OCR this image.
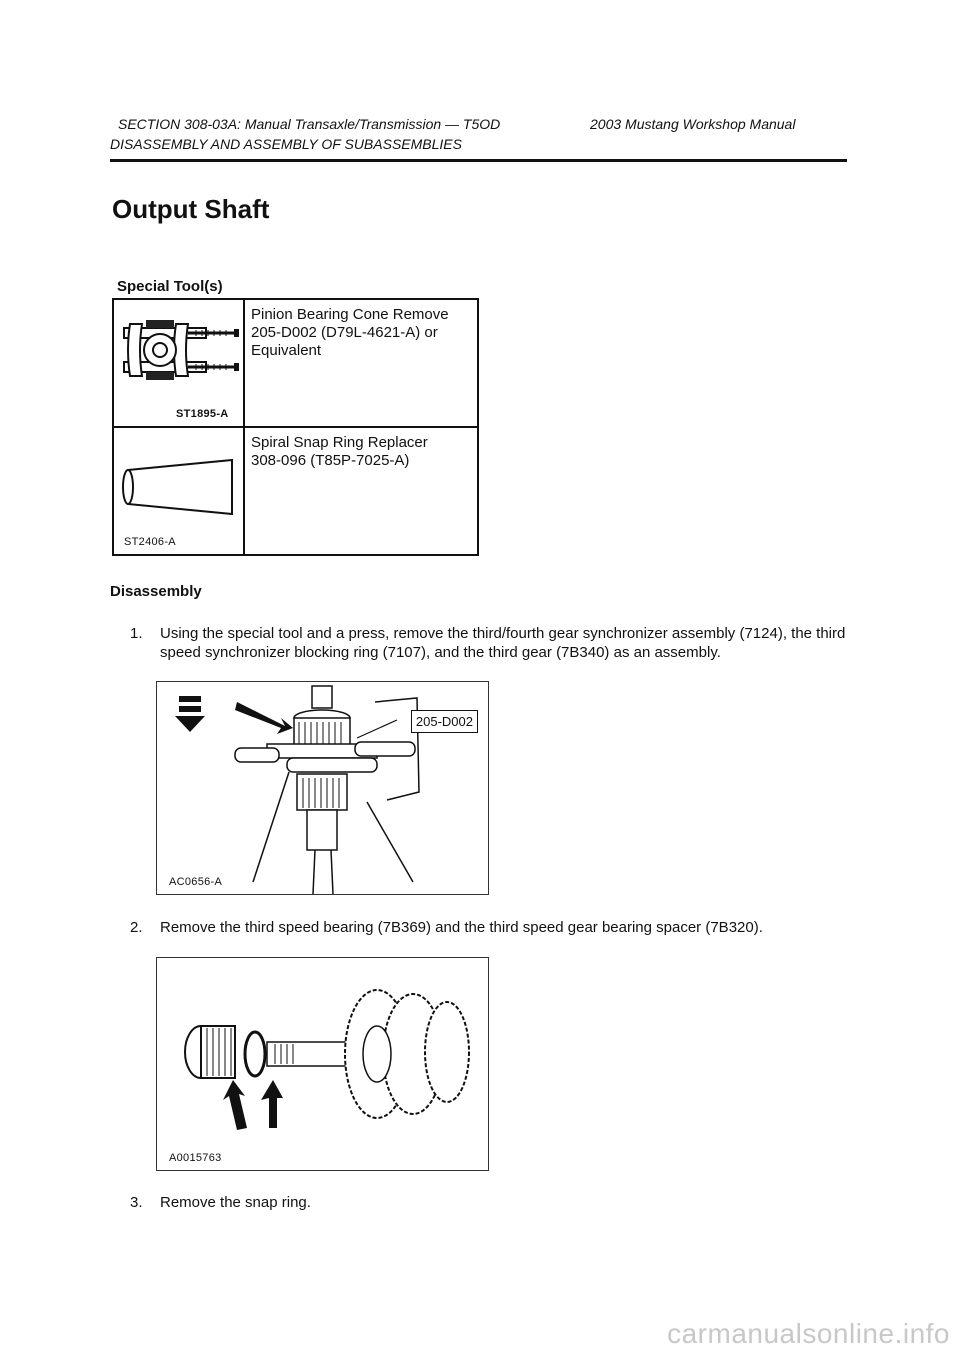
SECTION 308-03A: Manual Transaxle/Transmission — T5OD	2003 Mustang Workshop Manual
DISASSEMBLY AND ASSEMBLY OF SUBASSEMBLIES
Output Shaft
Special Tool(s)
ST1895-A	Pinion Bearing Cone Remove
205-D002 (D79L-4621-A) or
Equivalent

ST2406-A	Spiral Snap Ring Replacer
308-096 (T85P-7025-A)
Disassembly
1. Using the special tool and a press, remove the third/fourth gear synchronizer assembly (7124), the third speed synchronizer blocking ring (7107), and the third gear (7B340) as an assembly.
205-D002
AC0656-A
2. Remove the third speed bearing (7B369) and the third speed gear bearing spacer (7B320).
A0015763
3. Remove the snap ring.
carmanualsonline.info
